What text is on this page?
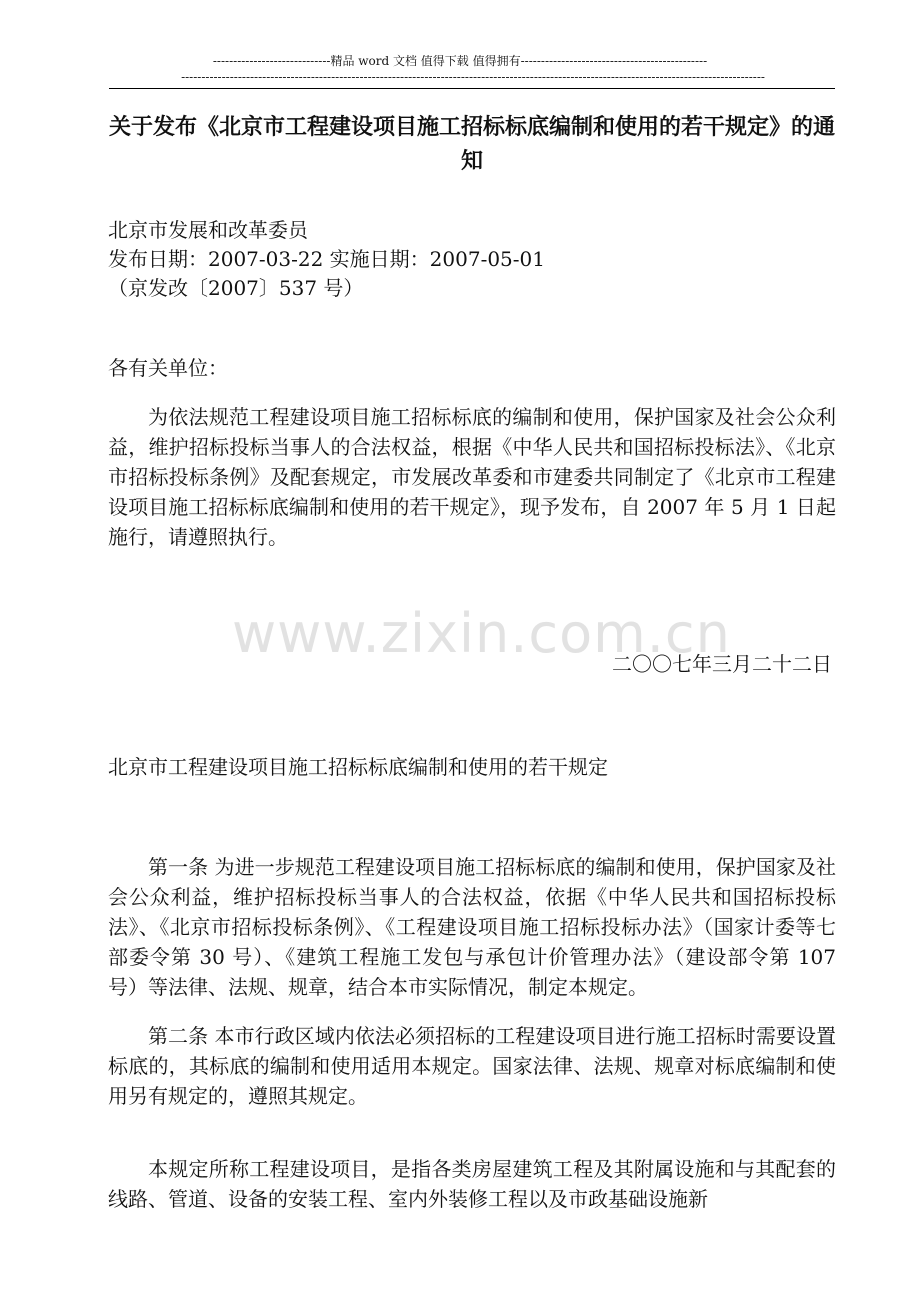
-----------------------------精品 word 文档 值得下载 值得拥有----------------------------------------------
------------------------------------------------------------------------------------------------------------------------------------------------
www.zixin.com.cn
关于发布《北京市工程建设项目施工招标标底编制和使用的若干规定》的通知
北京市发展和改革委员
发布日期：2007-03-22 实施日期：2007-05-01
（京发改〔2007〕537 号）
各有关单位：
为依法规范工程建设项目施工招标标底的编制和使用，保护国家及社会公众利益，维护招标投标当事人的合法权益，根据《中华人民共和国招标投标法》、《北京市招标投标条例》及配套规定，市发展改革委和市建委共同制定了《北京市工程建设项目施工招标标底编制和使用的若干规定》，现予发布，自 2007 年 5 月 1 日起施行，请遵照执行。
二〇〇七年三月二十二日
北京市工程建设项目施工招标标底编制和使用的若干规定
第一条 为进一步规范工程建设项目施工招标标底的编制和使用，保护国家及社会公众利益，维护招标投标当事人的合法权益，依据《中华人民共和国招标投标法》、《北京市招标投标条例》、《工程建设项目施工招标投标办法》（国家计委等七部委令第 30 号）、《建筑工程施工发包与承包计价管理办法》（建设部令第 107 号）等法律、法规、规章，结合本市实际情况，制定本规定。
第二条 本市行政区域内依法必须招标的工程建设项目进行施工招标时需要设置标底的，其标底的编制和使用适用本规定。国家法律、法规、规章对标底编制和使用另有规定的，遵照其规定。
本规定所称工程建设项目，是指各类房屋建筑工程及其附属设施和与其配套的线路、管道、设备的安装工程、室内外装修工程以及市政基础设施新
